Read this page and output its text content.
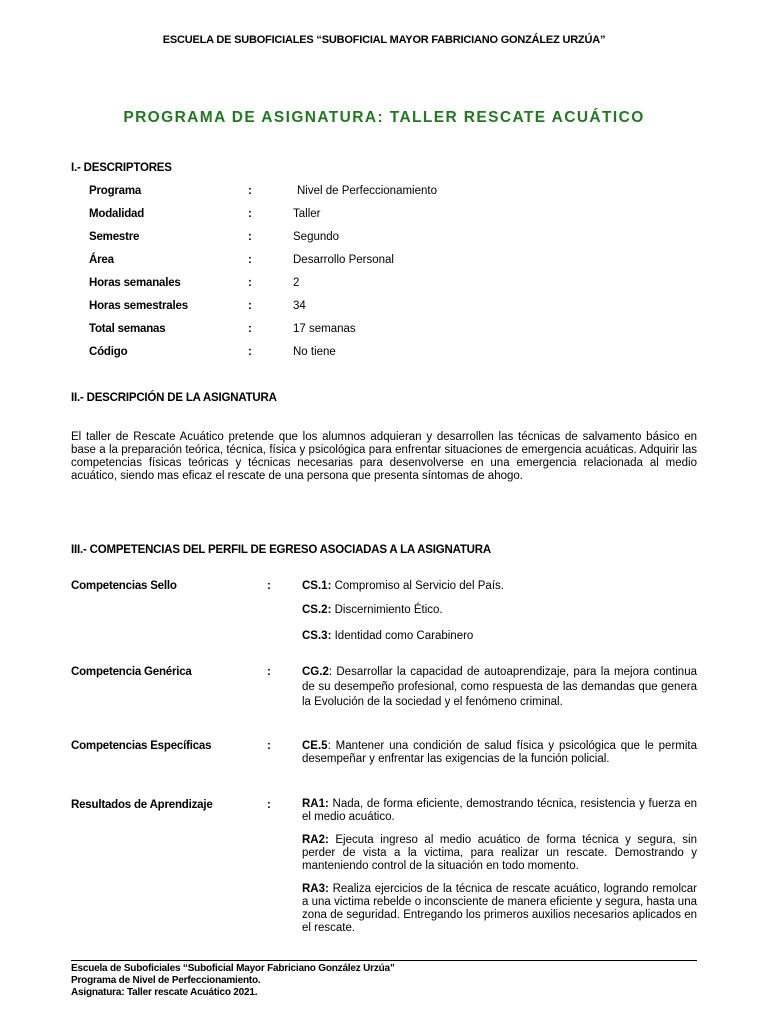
ESCUELA DE SUBOFICIALES “SUBOFICIAL MAYOR FABRICIANO GONZÁLEZ URZÚA”
PROGRAMA DE ASIGNATURA: TALLER RESCATE ACUÁTICO
I.- DESCRIPTORES
Programa	:	Nivel de Perfeccionamiento
Modalidad	:	Taller
Semestre	:	Segundo
Área	:	Desarrollo Personal
Horas semanales	:	2
Horas semestrales	:	34
Total semanas	:	17 semanas
Código	:	No tiene
II.- DESCRIPCIÓN DE LA ASIGNATURA
El taller de Rescate Acuático pretende que los alumnos adquieran y desarrollen las técnicas de salvamento básico en base a la preparación teórica, técnica, física y psicológica para enfrentar situaciones de emergencia acuáticas. Adquirir las competencias físicas teóricas y técnicas necesarias para desenvolverse en una emergencia relacionada al medio acuático, siendo mas eficaz el rescate de una persona que presenta síntomas de ahogo.
III.- COMPETENCIAS DEL PERFIL DE EGRESO ASOCIADAS A LA ASIGNATURA
Competencias Sello	:	CS.1: Compromiso al Servicio del País.
CS.2: Discernimiento Ético.
CS.3: Identidad como Carabinero
Competencia Genérica	:	CG.2: Desarrollar la capacidad de autoaprendizaje, para la mejora continua de su desempeño profesional, como respuesta de las demandas que genera la Evolución de la sociedad y el fenómeno criminal.
Competencias Específicas	:	CE.5: Mantener una condición de salud física y psicológica que le permita desempeñar y enfrentar las exigencias de la función policial.
Resultados de Aprendizaje	:	RA1: Nada, de forma eficiente, demostrando técnica, resistencia y fuerza en el medio acuático.
RA2: Ejecuta ingreso al medio acuático de forma técnica y segura, sin perder de vista a la victima, para realizar un rescate. Demostrando y manteniendo control de la situación en todo momento.
RA3: Realiza ejercicios de la técnica de rescate acuático, logrando remolcar a una victima rebelde o inconsciente de manera eficiente y segura, hasta una zona de seguridad. Entregando los primeros auxilios necesarios aplicados en el rescate.
Escuela de Suboficiales “Suboficial Mayor Fabriciano González Urzúa”
Programa de Nivel de Perfeccionamiento.
Asignatura: Taller rescate Acuático 2021.
